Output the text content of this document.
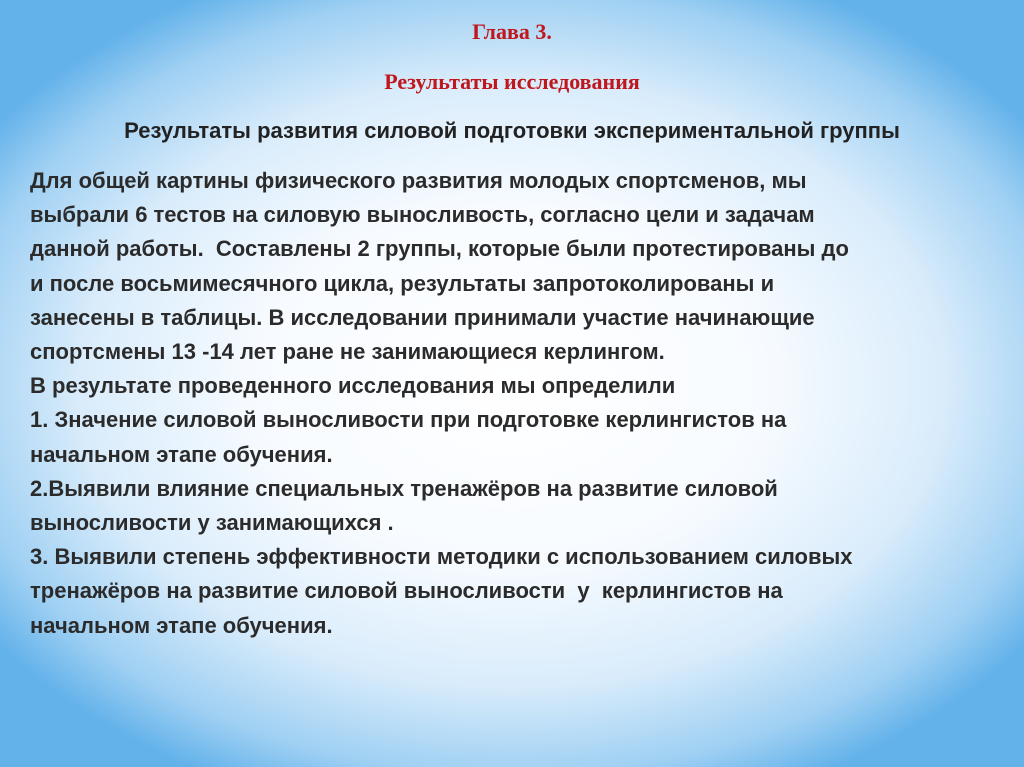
Глава 3.
Результаты исследования
Результаты развития силовой подготовки экспериментальной группы
Для общей картины физического развития молодых спортсменов, мы
выбрали 6 тестов на силовую выносливость, согласно цели и задачам
данной работы.  Составлены 2 группы, которые были протестированы до
и после восьмимесячного цикла, результаты запротоколированы и
занесены в таблицы. В исследовании принимали участие начинающие
спортсмены 13 -14 лет ране не занимающиеся керлингом.
В результате проведенного исследования мы определили
1. Значение силовой выносливости при подготовке керлингистов на
начальном этапе обучения.
2.Выявили влияние специальных тренажёров на развитие силовой
выносливости у занимающихся .
3. Выявили степень эффективности методики с использованием силовых
тренажёров на развитие силовой выносливости  у  керлингистов на
начальном этапе обучения.
